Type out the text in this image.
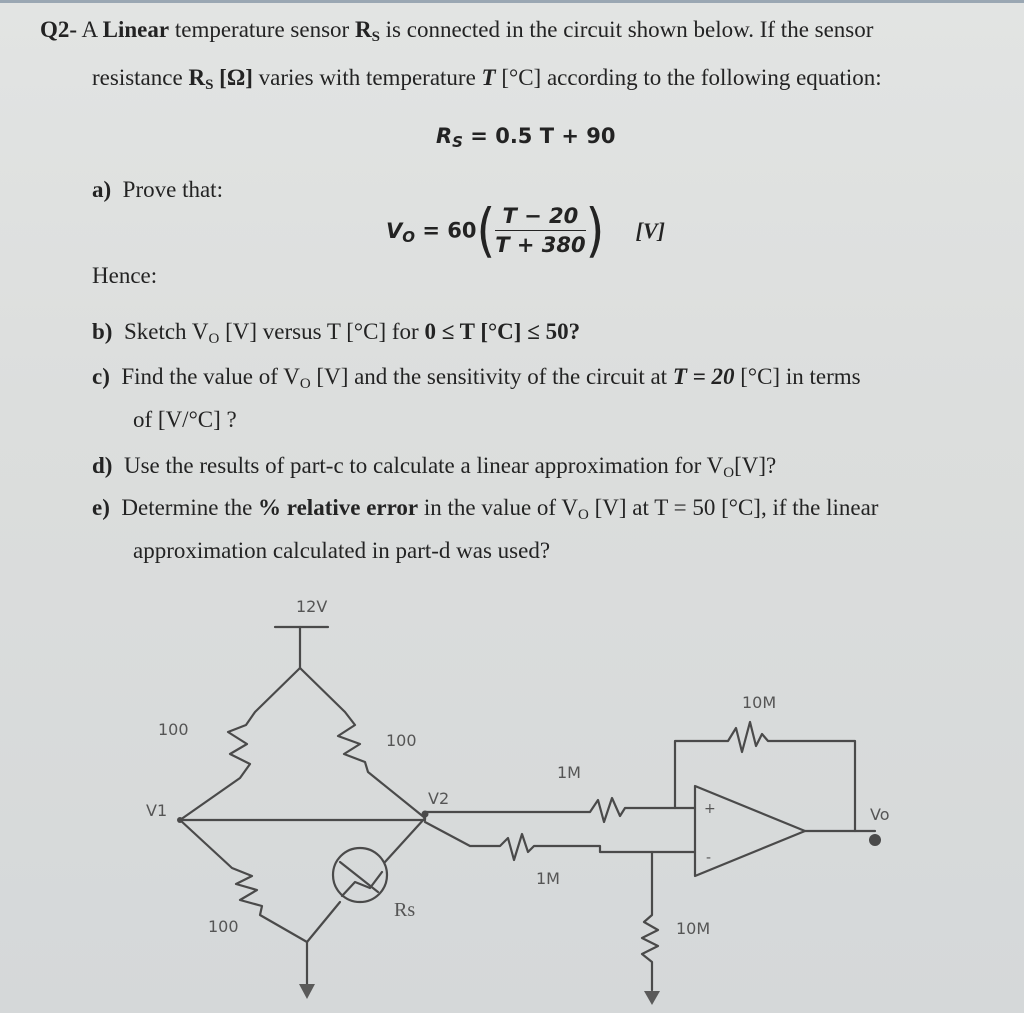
Q2- A Linear temperature sensor $R_S$ is connected in the circuit shown below. If the sensor
resistance $R_S$ [Ω] varies with temperature T [°C] according to the following equation:
$R_S = 0.5$ T + 90
a) Prove that:
$V_O = 60( \frac{T - 20}{T + 380}$ ) [V]
Hence:
b) Sketch $V_O$ [V] versus T [°C] for 0 ≤ T [°C] ≤ 50?
c) Find the value of $V_O$ [V] and the sensitivity of the circuit at T = 20 [°C] in terms
of [V/°C] ?
d) Use the results of part-c to calculate a linear approximation for $V_O[V]$?
e) Determine the % relative error in the value of $V_O$ [V] at T = 50 [°C], if the linear
approximation calculated in part-d was used?
12V
100
100
100
V1
V2
Rs
1M
1M
10M
10M
Vo
+
-
